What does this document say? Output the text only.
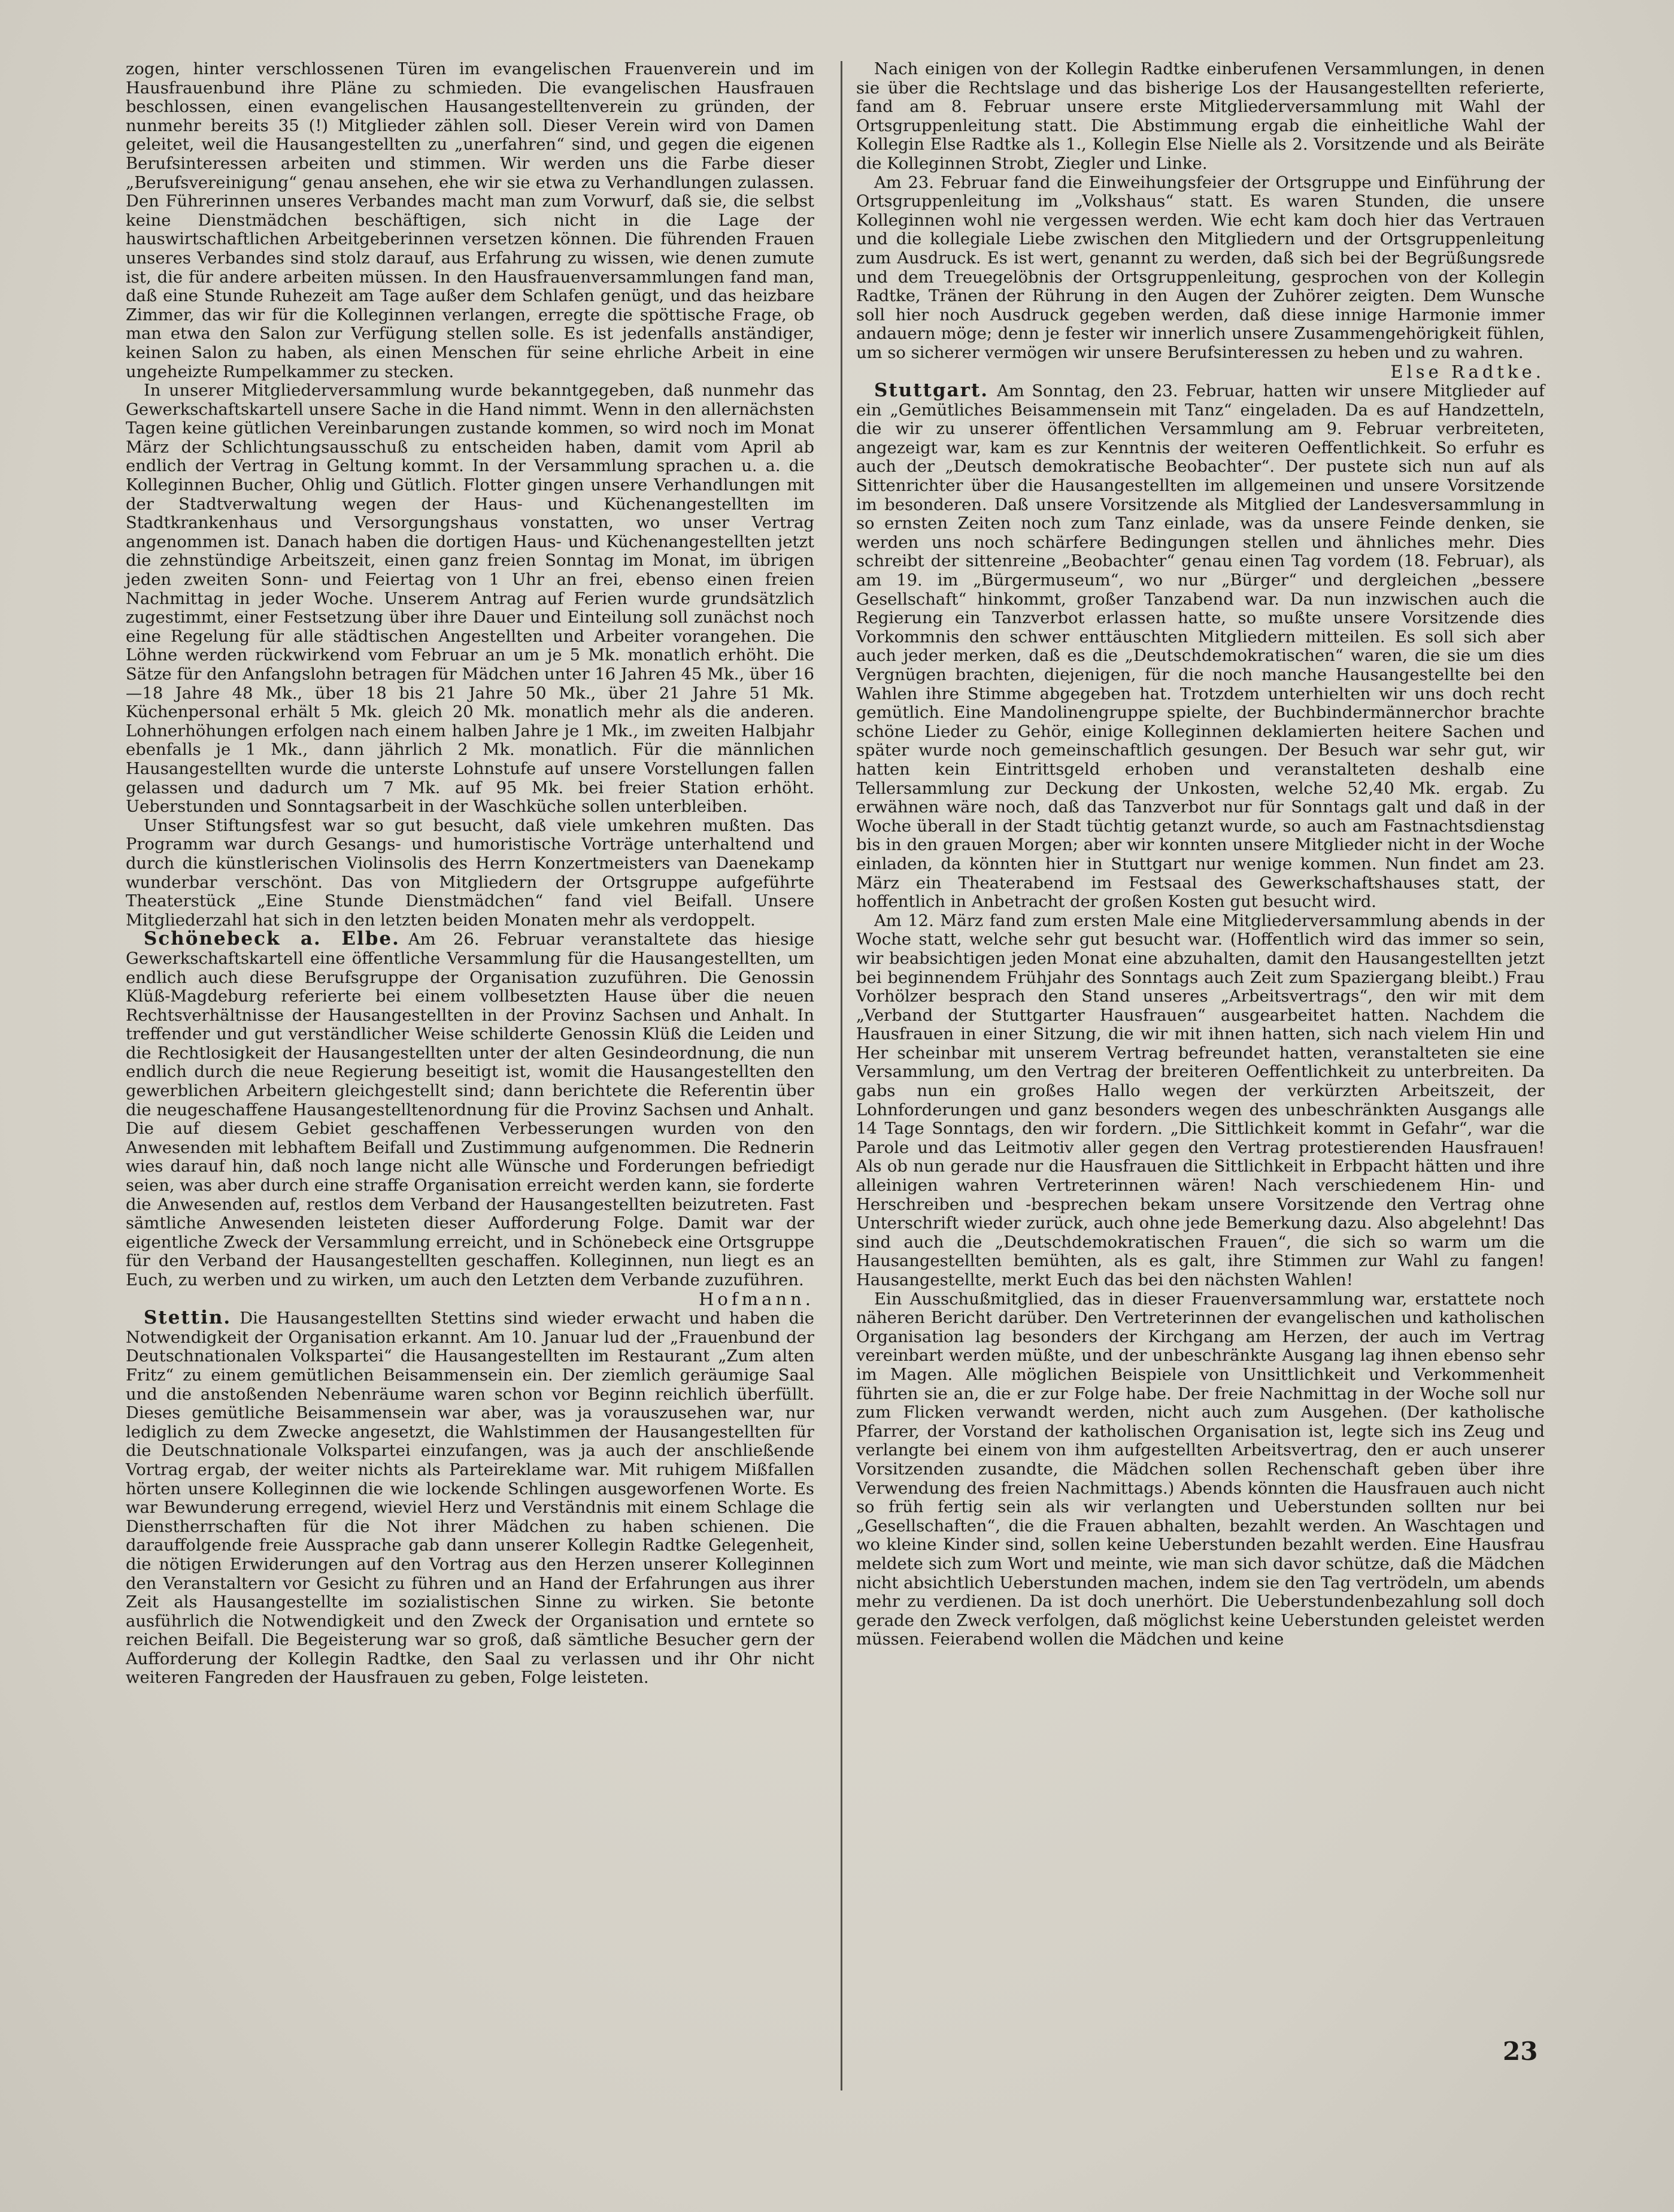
zogen, hinter verschlossenen Türen im evangelischen Frauenverein und im Hausfrauenbund ihre Pläne zu schmieden. Die evangelischen Hausfrauen beschlossen, einen evangelischen Hausangestelltenverein zu gründen, der nunmehr bereits 35 (!) Mitglieder zählen soll. Dieser Verein wird von Damen geleitet, weil die Hausangestellten zu „unerfahren“ sind, und gegen die eigenen Berufsinteressen arbeiten und stimmen. Wir werden uns die Farbe dieser „Berufsvereinigung“ genau ansehen, ehe wir sie etwa zu Verhandlungen zulassen. Den Führerinnen unseres Verbandes macht man zum Vorwurf, daß sie, die selbst keine Dienstmädchen beschäftigen, sich nicht in die Lage der hauswirtschaftlichen Arbeitgeberinnen versetzen können. Die führenden Frauen unseres Verbandes sind stolz darauf, aus Erfahrung zu wissen, wie denen zumute ist, die für andere arbeiten müssen. In den Hausfrauenversammlungen fand man, daß eine Stunde Ruhezeit am Tage außer dem Schlafen genügt, und das heizbare Zimmer, das wir für die Kolleginnen verlangen, erregte die spöttische Frage, ob man etwa den Salon zur Verfügung stellen solle. Es ist jedenfalls anständiger, keinen Salon zu haben, als einen Menschen für seine ehrliche Arbeit in eine ungeheizte Rumpelkammer zu stecken.

In unserer Mitgliederversammlung wurde bekanntgegeben, daß nunmehr das Gewerkschaftskartell unsere Sache in die Hand nimmt. Wenn in den allernächsten Tagen keine gütlichen Vereinbarungen zustande kommen, so wird noch im Monat März der Schlichtungsausschuß zu entscheiden haben, damit vom April ab endlich der Vertrag in Geltung kommt. In der Versammlung sprachen u. a. die Kolleginnen Bucher, Ohlig und Gütlich. Flotter gingen unsere Verhandlungen mit der Stadtverwaltung wegen der Haus- und Küchenangestellten im Stadtkrankenhaus und Versorgungshaus vonstatten, wo unser Vertrag angenommen ist. Danach haben die dortigen Haus- und Küchenangestellten jetzt die zehnstündige Arbeitszeit, einen ganz freien Sonntag im Monat, im übrigen jeden zweiten Sonn- und Feiertag von 1 Uhr an frei, ebenso einen freien Nachmittag in jeder Woche. Unserem Antrag auf Ferien wurde grundsätzlich zugestimmt, einer Festsetzung über ihre Dauer und Einteilung soll zunächst noch eine Regelung für alle städtischen Angestellten und Arbeiter vorangehen. Die Löhne werden rückwirkend vom Februar an um je 5 Mk. monatlich erhöht. Die Sätze für den Anfangslohn betragen für Mädchen unter 16 Jahren 45 Mk., über 16—18 Jahre 48 Mk., über 18 bis 21 Jahre 50 Mk., über 21 Jahre 51 Mk. Küchenpersonal erhält 5 Mk. gleich 20 Mk. monatlich mehr als die anderen. Lohnerhöhungen erfolgen nach einem halben Jahre je 1 Mk., im zweiten Halbjahr ebenfalls je 1 Mk., dann jährlich 2 Mk. monatlich. Für die männlichen Hausangestellten wurde die unterste Lohnstufe auf unsere Vorstellungen fallen gelassen und dadurch um 7 Mk. auf 95 Mk. bei freier Station erhöht. Ueberstunden und Sonntagsarbeit in der Waschküche sollen unterbleiben.

Unser Stiftungsfest war so gut besucht, daß viele umkehren mußten. Das Programm war durch Gesangs- und humoristische Vorträge unterhaltend und durch die künstlerischen Violinsolis des Herrn Konzertmeisters van Daenekamp wunderbar verschönt. Das von Mitgliedern der Ortsgruppe aufgeführte Theaterstück „Eine Stunde Dienstmädchen“ fand viel Beifall. Unsere Mitgliederzahl hat sich in den letzten beiden Monaten mehr als verdoppelt.

Schönebeck a. Elbe. Am 26. Februar veranstaltete das hiesige Gewerkschaftskartell eine öffentliche Versammlung für die Hausangestellten, um endlich auch diese Berufsgruppe der Organisation zuzuführen. Die Genossin Klüß-Magdeburg referierte bei einem vollbesetzten Hause über die neuen Rechtsverhältnisse der Hausangestellten in der Provinz Sachsen und Anhalt. In treffender und gut verständlicher Weise schilderte Genossin Klüß die Leiden und die Rechtlosigkeit der Hausangestellten unter der alten Gesindeordnung, die nun endlich durch die neue Regierung beseitigt ist, womit die Hausangestellten den gewerblichen Arbeitern gleichgestellt sind; dann berichtete die Referentin über die neugeschaffene Hausangestelltenordnung für die Provinz Sachsen und Anhalt. Die auf diesem Gebiet geschaffenen Verbesserungen wurden von den Anwesenden mit lebhaftem Beifall und Zustimmung aufgenommen. Die Rednerin wies darauf hin, daß noch lange nicht alle Wünsche und Forderungen befriedigt seien, was aber durch eine straffe Organisation erreicht werden kann, sie forderte die Anwesenden auf, restlos dem Verband der Hausangestellten beizutreten. Fast sämtliche Anwesenden leisteten dieser Aufforderung Folge. Damit war der eigentliche Zweck der Versammlung erreicht, und in Schönebeck eine Ortsgruppe für den Verband der Hausangestellten geschaffen. Kolleginnen, nun liegt es an Euch, zu werben und zu wirken, um auch den Letzten dem Verbande zuzuführen.
Hofmann.

Stettin. Die Hausangestellten Stettins sind wieder erwacht und haben die Notwendigkeit der Organisation erkannt. Am 10. Januar lud der „Frauenbund der Deutschnationalen Volkspartei“ die Hausangestellten im Restaurant „Zum alten Fritz“ zu einem gemütlichen Beisammensein ein. Der ziemlich geräumige Saal und die anstoßenden Nebenräume waren schon vor Beginn reichlich überfüllt. Dieses gemütliche Beisammensein war aber, was ja vorauszusehen war, nur lediglich zu dem Zwecke angesetzt, die Wahlstimmen der Hausangestellten für die Deutschnationale Volkspartei einzufangen, was ja auch der anschließende Vortrag ergab, der weiter nichts als Parteireklame war. Mit ruhigem Mißfallen hörten unsere Kolleginnen die wie lockende Schlingen ausgeworfenen Worte. Es war Bewunderung erregend, wieviel Herz und Verständnis mit einem Schlage die Dienstherrschaften für die Not ihrer Mädchen zu haben schienen. Die darauffolgende freie Aussprache gab dann unserer Kollegin Radtke Gelegenheit, die nötigen Erwiderungen auf den Vortrag aus den Herzen unserer Kolleginnen den Veranstaltern vor Gesicht zu führen und an Hand der Erfahrungen aus ihrer Zeit als Hausangestellte im sozialistischen Sinne zu wirken. Sie betonte ausführlich die Notwendigkeit und den Zweck der Organisation und erntete so reichen Beifall. Die Begeisterung war so groß, daß sämtliche Besucher gern der Aufforderung der Kollegin Radtke, den Saal zu verlassen und ihr Ohr nicht weiteren Fangreden der Hausfrauen zu geben, Folge leisteten.

Nach einigen von der Kollegin Radtke einberufenen Versammlungen, in denen sie über die Rechtslage und das bisherige Los der Hausangestellten referierte, fand am 8. Februar unsere erste Mitgliederversammlung mit Wahl der Ortsgruppenleitung statt. Die Abstimmung ergab die einheitliche Wahl der Kollegin Else Radtke als 1., Kollegin Else Nielle als 2. Vorsitzende und als Beiräte die Kolleginnen Strobt, Ziegler und Linke.

Am 23. Februar fand die Einweihungsfeier der Ortsgruppe und Einführung der Ortsgruppenleitung im „Volkshaus“ statt. Es waren Stunden, die unsere Kolleginnen wohl nie vergessen werden. Wie echt kam doch hier das Vertrauen und die kollegiale Liebe zwischen den Mitgliedern und der Ortsgruppenleitung zum Ausdruck. Es ist wert, genannt zu werden, daß sich bei der Begrüßungsrede und dem Treuegelöbnis der Ortsgruppenleitung, gesprochen von der Kollegin Radtke, Tränen der Rührung in den Augen der Zuhörer zeigten. Dem Wunsche soll hier noch Ausdruck gegeben werden, daß diese innige Harmonie immer andauern möge; denn je fester wir innerlich unsere Zusammengehörigkeit fühlen, um so sicherer vermögen wir unsere Berufsinteressen zu heben und zu wahren.
Else Radtke.

Stuttgart. Am Sonntag, den 23. Februar, hatten wir unsere Mitglieder auf ein „Gemütliches Beisammensein mit Tanz“ eingeladen. Da es auf Handzetteln, die wir zu unserer öffentlichen Versammlung am 9. Februar verbreiteten, angezeigt war, kam es zur Kenntnis der weiteren Oeffentlichkeit. So erfuhr es auch der „Deutsch demokratische Beobachter“. Der pustete sich nun auf als Sittenrichter über die Hausangestellten im allgemeinen und unsere Vorsitzende im besonderen. Daß unsere Vorsitzende als Mitglied der Landesversammlung in so ernsten Zeiten noch zum Tanz einlade, was da unsere Feinde denken, sie werden uns noch schärfere Bedingungen stellen und ähnliches mehr. Dies schreibt der sittenreine „Beobachter“ genau einen Tag vordem (18. Februar), als am 19. im „Bürgermuseum“, wo nur „Bürger“ und dergleichen „bessere Gesellschaft“ hinkommt, großer Tanzabend war. Da nun inzwischen auch die Regierung ein Tanzverbot erlassen hatte, so mußte unsere Vorsitzende dies Vorkommnis den schwer enttäuschten Mitgliedern mitteilen. Es soll sich aber auch jeder merken, daß es die „Deutschdemokratischen“ waren, die sie um dies Vergnügen brachten, diejenigen, für die noch manche Hausangestellte bei den Wahlen ihre Stimme abgegeben hat. Trotzdem unterhielten wir uns doch recht gemütlich. Eine Mandolinengruppe spielte, der Buchbindermännerchor brachte schöne Lieder zu Gehör, einige Kolleginnen deklamierten heitere Sachen und später wurde noch gemeinschaftlich gesungen. Der Besuch war sehr gut, wir hatten kein Eintrittsgeld erhoben und veranstalteten deshalb eine Tellersammlung zur Deckung der Unkosten, welche 52,40 Mk. ergab. Zu erwähnen wäre noch, daß das Tanzverbot nur für Sonntags galt und daß in der Woche überall in der Stadt tüchtig getanzt wurde, so auch am Fastnachtsdienstag bis in den grauen Morgen; aber wir konnten unsere Mitglieder nicht in der Woche einladen, da könnten hier in Stuttgart nur wenige kommen. Nun findet am 23. März ein Theaterabend im Festsaal des Gewerkschaftshauses statt, der hoffentlich in Anbetracht der großen Kosten gut besucht wird.

Am 12. März fand zum ersten Male eine Mitgliederversammlung abends in der Woche statt, welche sehr gut besucht war. (Hoffentlich wird das immer so sein, wir beabsichtigen jeden Monat eine abzuhalten, damit den Hausangestellten jetzt bei beginnendem Frühjahr des Sonntags auch Zeit zum Spaziergang bleibt.) Frau Vorhölzer besprach den Stand unseres „Arbeitsvertrags“, den wir mit dem „Verband der Stuttgarter Hausfrauen“ ausgearbeitet hatten. Nachdem die Hausfrauen in einer Sitzung, die wir mit ihnen hatten, sich nach vielem Hin und Her scheinbar mit unserem Vertrag befreundet hatten, veranstalteten sie eine Versammlung, um den Vertrag der breiteren Oeffentlichkeit zu unterbreiten. Da gabs nun ein großes Hallo wegen der verkürzten Arbeitszeit, der Lohnforderungen und ganz besonders wegen des unbeschränkten Ausgangs alle 14 Tage Sonntags, den wir fordern. „Die Sittlichkeit kommt in Gefahr“, war die Parole und das Leitmotiv aller gegen den Vertrag protestierenden Hausfrauen! Als ob nun gerade nur die Hausfrauen die Sittlichkeit in Erbpacht hätten und ihre alleinigen wahren Vertreterinnen wären! Nach verschiedenem Hin- und Herschreiben und -besprechen bekam unsere Vorsitzende den Vertrag ohne Unterschrift wieder zurück, auch ohne jede Bemerkung dazu. Also abgelehnt! Das sind auch die „Deutschdemokratischen Frauen“, die sich so warm um die Hausangestellten bemühten, als es galt, ihre Stimmen zur Wahl zu fangen! Hausangestellte, merkt Euch das bei den nächsten Wahlen!

Ein Ausschußmitglied, das in dieser Frauenversammlung war, erstattete noch näheren Bericht darüber. Den Vertreterinnen der evangelischen und katholischen Organisation lag besonders der Kirchgang am Herzen, der auch im Vertrag vereinbart werden müßte, und der unbeschränkte Ausgang lag ihnen ebenso sehr im Magen. Alle möglichen Beispiele von Unsittlichkeit und Verkommenheit führten sie an, die er zur Folge habe. Der freie Nachmittag in der Woche soll nur zum Flicken verwandt werden, nicht auch zum Ausgehen. (Der katholische Pfarrer, der Vorstand der katholischen Organisation ist, legte sich ins Zeug und verlangte bei einem von ihm aufgestellten Arbeitsvertrag, den er auch unserer Vorsitzenden zusandte, die Mädchen sollen Rechenschaft geben über ihre Verwendung des freien Nachmittags.) Abends könnten die Hausfrauen auch nicht so früh fertig sein als wir verlangten und Ueberstunden sollten nur bei „Gesellschaften“, die die Frauen abhalten, bezahlt werden. An Waschtagen und wo kleine Kinder sind, sollen keine Ueberstunden bezahlt werden. Eine Hausfrau meldete sich zum Wort und meinte, wie man sich davor schütze, daß die Mädchen nicht absichtlich Ueberstunden machen, indem sie den Tag vertrödeln, um abends mehr zu verdienen. Da ist doch unerhört. Die Ueberstundenbezahlung soll doch gerade den Zweck verfolgen, daß möglichst keine Ueberstunden geleistet werden müssen. Feierabend wollen die Mädchen und keine

23
